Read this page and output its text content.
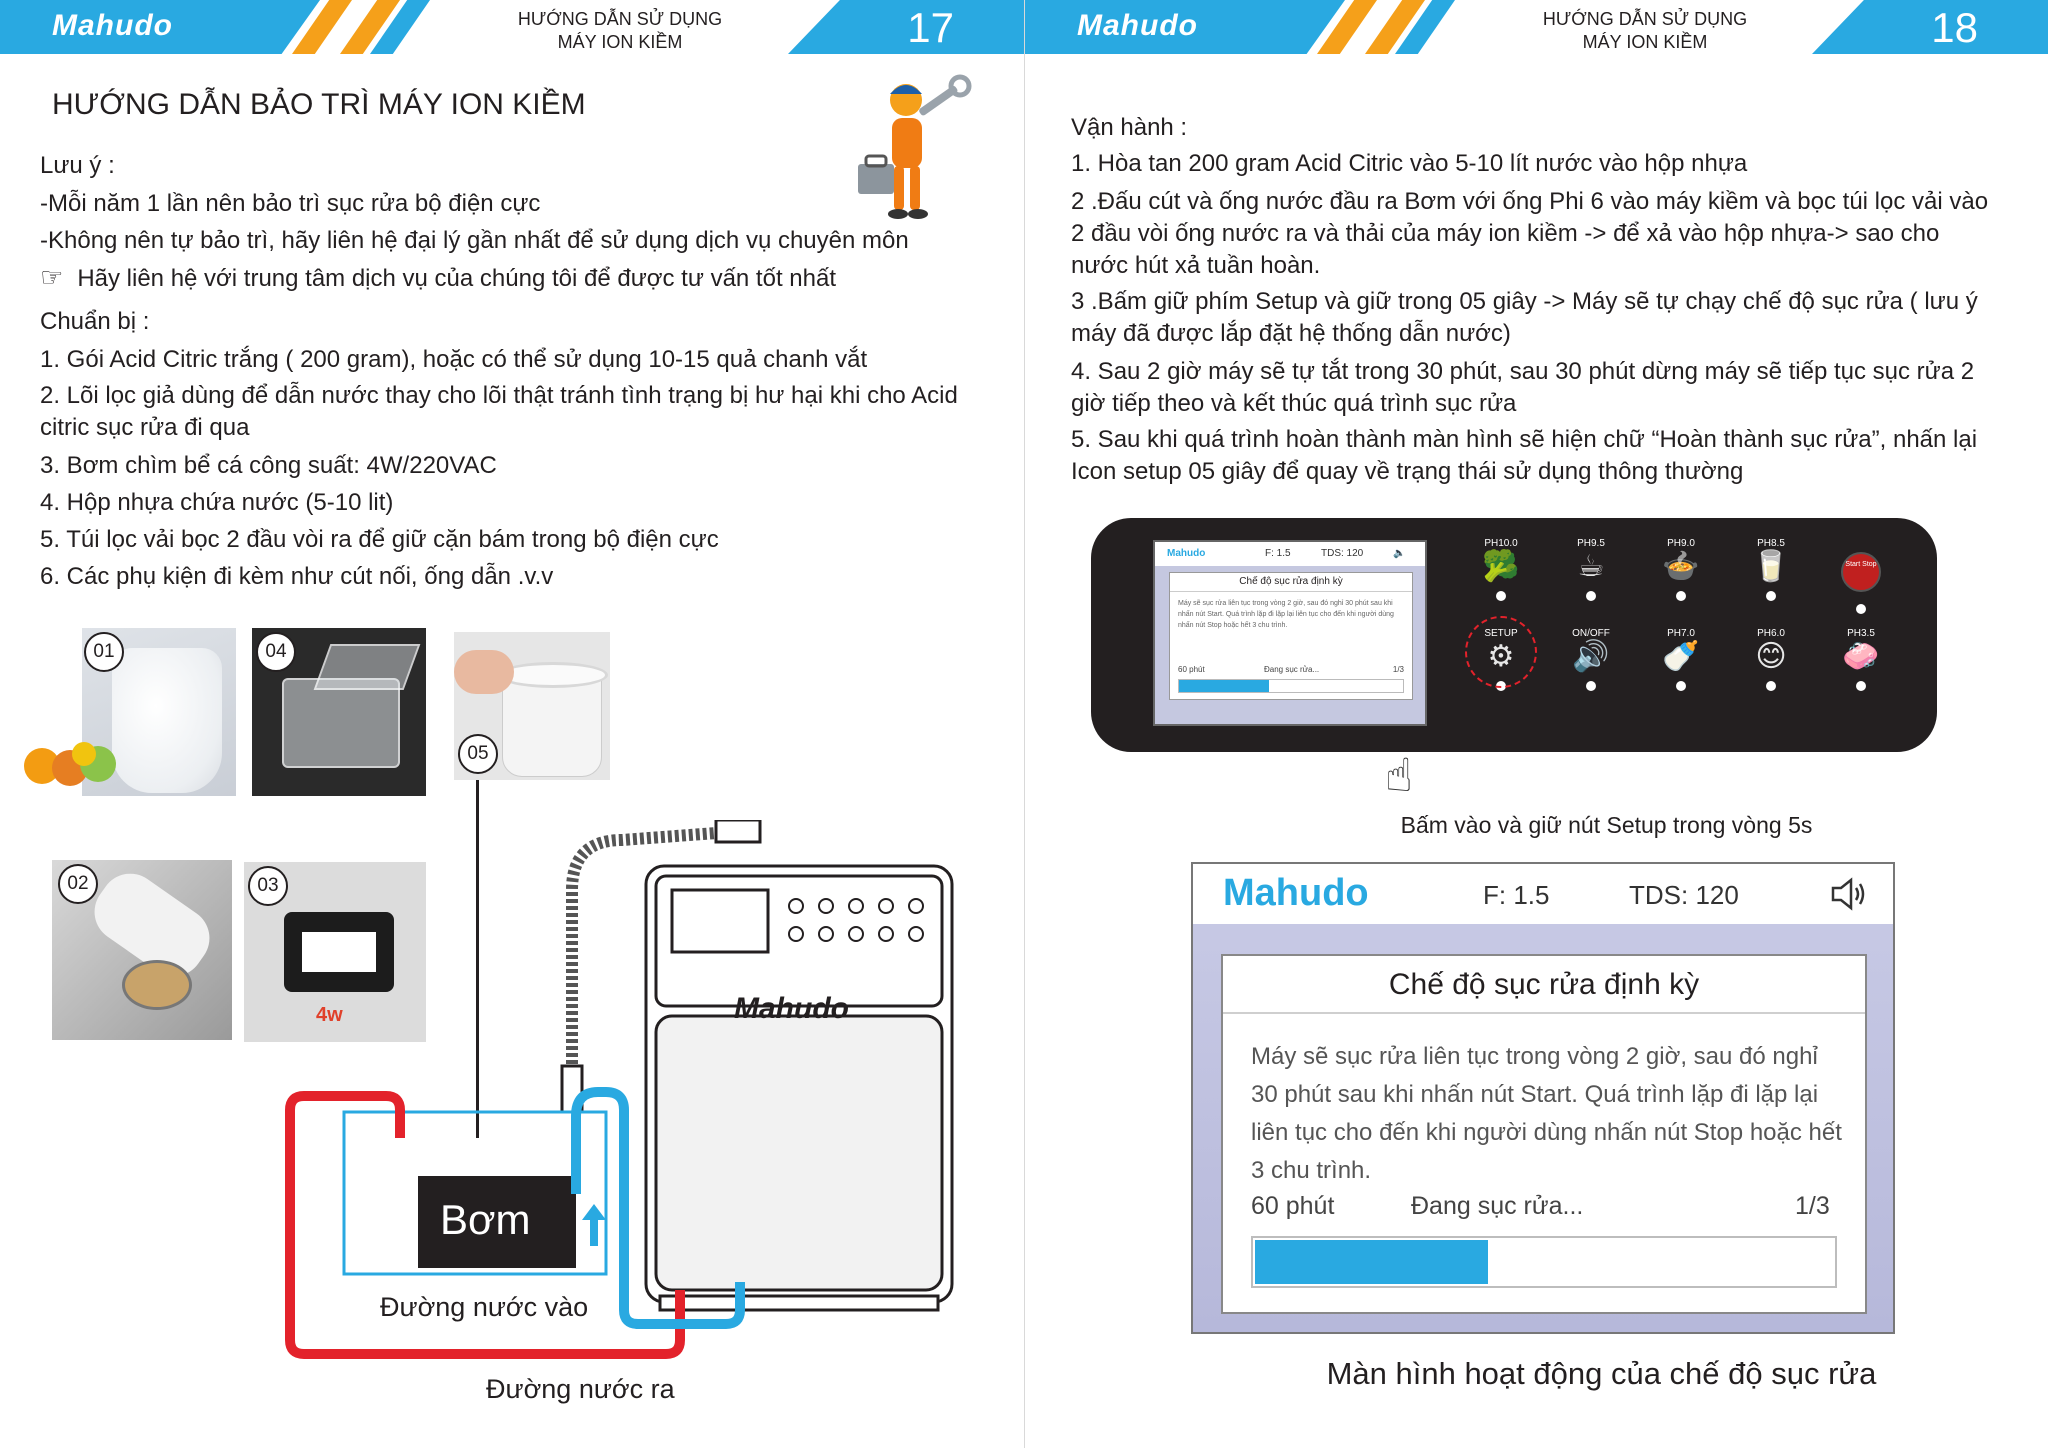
Mahudo	HƯỚNG DẪN SỬ DỤNG
MÁY ION KIỀM	17
HƯỚNG DẪN BẢO TRÌ MÁY ION KIỀM
Lưu ý :
-Mỗi năm 1 lần nên bảo trì sục rửa bộ điện cực
-Không nên tự bảo trì, hãy liên hệ đại lý gần nhất để sử dụng dịch vụ chuyên môn
☞ Hãy liên hệ với trung tâm dịch vụ của chúng tôi để được tư vấn tốt nhất
Chuẩn bị :
1. Gói Acid Citric trắng ( 200 gram), hoặc có thể sử dụng 10-15 quả chanh vắt
2. Lõi lọc giả dùng để dẫn nước thay cho lõi thật tránh tình trạng bị hư hại khi cho Acid citric sục rửa đi qua
3. Bơm chìm bể cá công suất: 4W/220VAC
4. Hộp nhựa chứa nước (5-10 lit)
5. Túi lọc vải bọc 2 đầu vòi ra để giữ cặn bám trong bộ điện cực
6. Các phụ kiện đi kèm như cút nối, ống dẫn .v.v
01	04
05
02
4w
03
Bơm
Đường nước vào
Đường nước ra
Mahudo
Mahudo	HƯỚNG DẪN SỬ DỤNG
MÁY ION KIỀM	18
Vận hành :
1. Hòa tan 200 gram Acid Citric vào 5-10 lít nước vào hộp nhựa
2 .Đấu cút và ống nước đầu ra Bơm với ống Phi 6 vào máy kiềm và bọc túi lọc vải vào 2 đầu vòi ống nước ra và thải của máy ion kiềm -> để xả vào hộp nhựa-> sao cho nước hút xả tuần hoàn.
3 .Bấm giữ phím Setup và giữ trong 05 giây -> Máy sẽ tự chạy chế độ sục rửa ( lưu ý máy đã được lắp đặt hệ thống dẫn nước)
4. Sau 2 giờ máy sẽ tự tắt trong 30 phút, sau 30 phút dừng máy sẽ tiếp tục sục rửa 2 giờ tiếp theo và kết thúc quá trình sục rửa
5. Sau khi quá trình hoàn thành màn hình sẽ hiện chữ “Hoàn thành sục rửa”, nhấn lại Icon setup 05 giây để quay về trạng thái sử dụng thông thường
Mahudo	F: 1.5	TDS: 120	🔈
Chế độ sục rửa định kỳ
Máy sẽ sục rửa liên tục trong vòng 2 giờ, sau đó nghỉ 30 phút sau khi nhấn nút Start. Quá trình lặp đi lặp lại liên tục cho đến khi người dùng nhấn nút Stop hoặc hết 3 chu trình.
60 phút	Đang sục rửa...	1/3
PH10.0
🥦
PH9.5
☕
PH9.0
🍲
PH8.5
🥛	Start Stop
SETUP
⚙
ON/OFF
🔊
PH7.0
🍼
PH6.0
😊
PH3.5
🧼
☝
Bấm vào và giữ nút Setup trong vòng 5s
Mahudo	F: 1.5	TDS: 120
Chế độ sục rửa định kỳ
Máy sẽ sục rửa liên tục trong vòng 2 giờ, sau đó nghỉ 30 phút sau khi nhấn nút Start. Quá trình lặp đi lặp lại liên tục cho đến khi người dùng nhấn nút Stop hoặc hết 3 chu trình.
60 phút	Đang sục rửa...	1/3
Màn hình hoạt động của chế độ sục rửa
